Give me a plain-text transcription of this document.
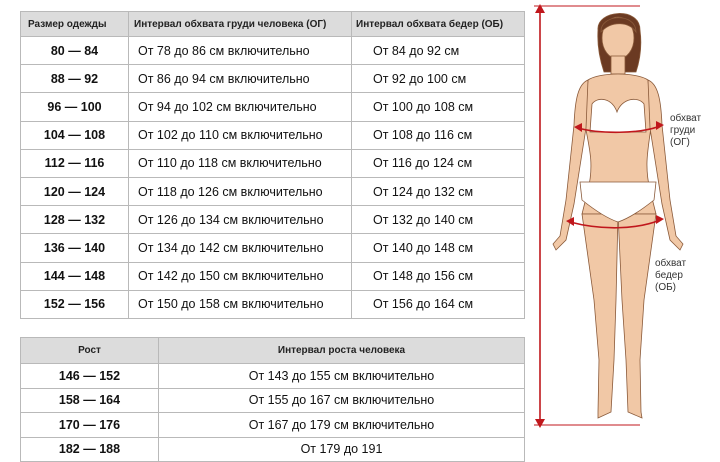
Размер одежды	Интервал обхвата груди человека (ОГ)	Интервал обхвата бедер (ОБ)
80 — 84	От 78 до 86 см включительно	От 84 до 92 см
88 — 92	От 86 до 94 см включительно	От 92 до 100 см
96 — 100	От 94 до 102 см включительно	От 100 до 108 см
104 — 108	От 102 до 110 см включительно	От 108 до 116 см
112 — 116	От 110 до 118 см включительно	От 116 до 124 см
120 — 124	От 118 до 126 см включительно	От 124 до 132 см
128 — 132	От 126 до 134 см включительно	От 132 до 140 см
136 — 140	От 134 до 142 см включительно	От 140 до 148 см
144 — 148	От 142 до 150 см включительно	От 148 до 156 см
152 — 156	От 150 до 158 см включительно	От 156 до 164 см
Рост	Интервал роста человека
146 — 152	От 143 до 155 см включительно
158 — 164	От 155 до 167 см включительно
170 — 176	От 167 до 179 см включительно
182 — 188	От 179 до 191
обхват
груди
(ОГ)
обхват
бедер
(ОБ)
